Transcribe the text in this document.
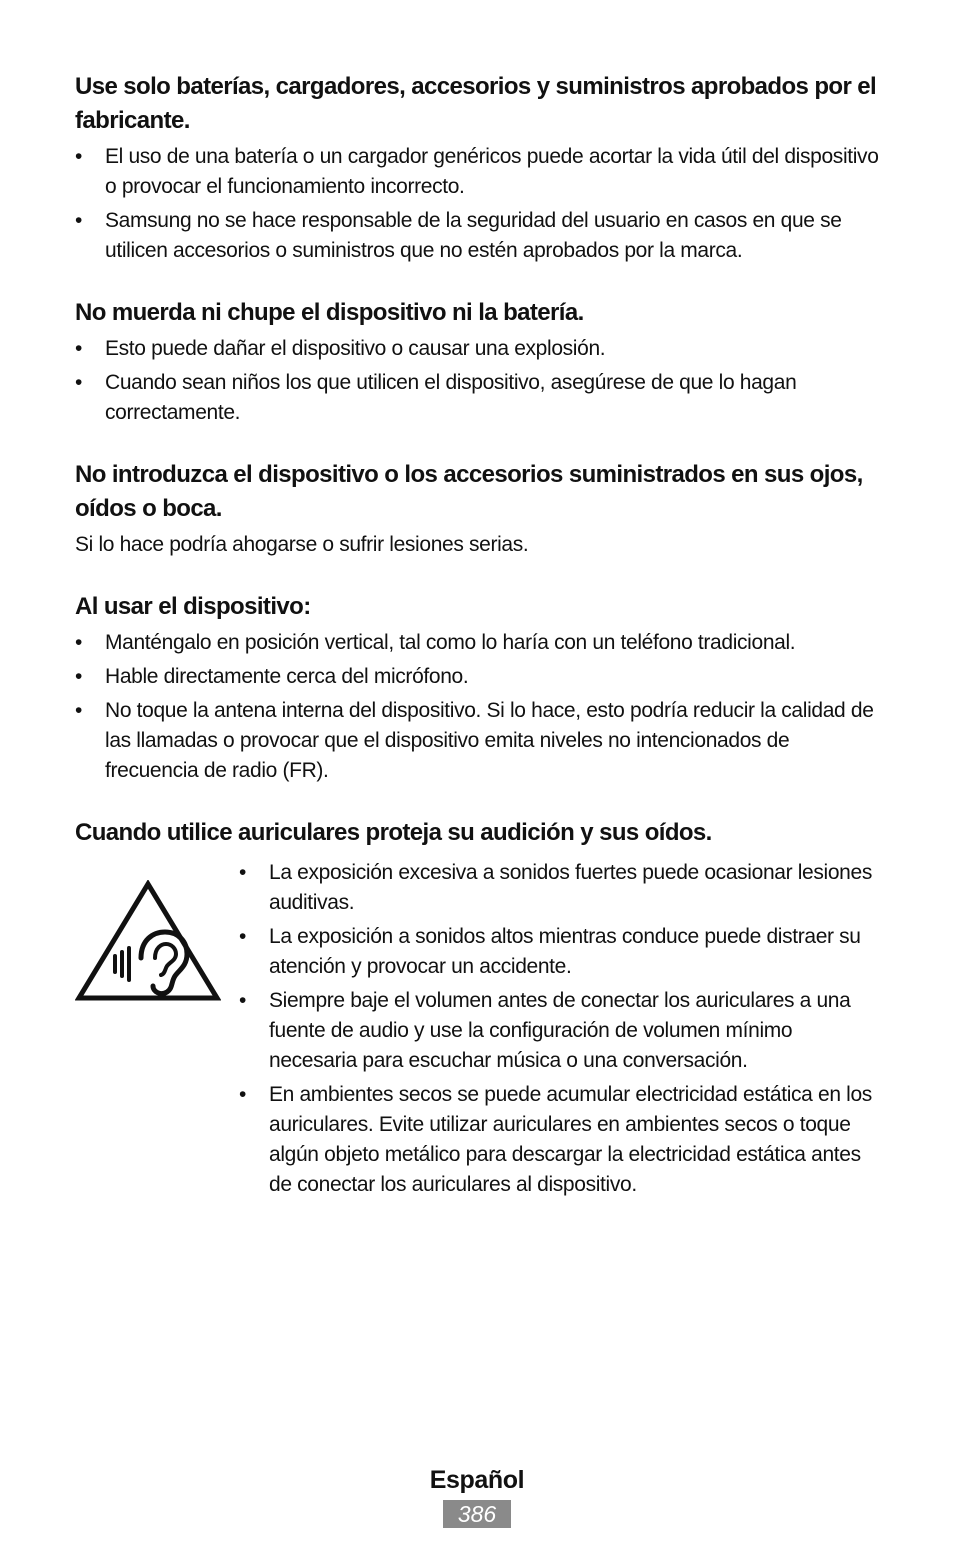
Use solo baterías, cargadores, accesorios y suministros aprobados por el fabricante.
• El uso de una batería o un cargador genéricos puede acortar la vida útil del dispositivo o provocar el funcionamiento incorrecto.
• Samsung no se hace responsable de la seguridad del usuario en casos en que se utilicen accesorios o suministros que no estén aprobados por la marca.
No muerda ni chupe el dispositivo ni la batería.
• Esto puede dañar el dispositivo o causar una explosión.
• Cuando sean niños los que utilicen el dispositivo, asegúrese de que lo hagan correctamente.
No introduzca el dispositivo o los accesorios suministrados en sus ojos, oídos o boca.

Si lo hace podría ahogarse o sufrir lesiones serias.

Al usar el dispositivo:
• Manténgalo en posición vertical, tal como lo haría con un teléfono tradicional.
• Hable directamente cerca del micrófono.
• No toque la antena interna del dispositivo. Si lo hace, esto podría reducir la calidad de las llamadas o provocar que el dispositivo emita niveles no intencionados de frecuencia de radio (FR).
Cuando utilice auriculares proteja su audición y sus oídos.
• La exposición excesiva a sonidos fuertes puede ocasionar lesiones auditivas.
• La exposición a sonidos altos mientras conduce puede distraer su atención y provocar un accidente.
• Siempre baje el volumen antes de conectar los auriculares a una fuente de audio y use la configuración de volumen mínimo necesaria para escuchar música o una conversación.
• En ambientes secos se puede acumular electricidad estática en los auriculares. Evite utilizar auriculares en ambientes secos o toque algún objeto metálico para descargar la electricidad estática antes de conectar los auriculares al dispositivo.
Español
386
